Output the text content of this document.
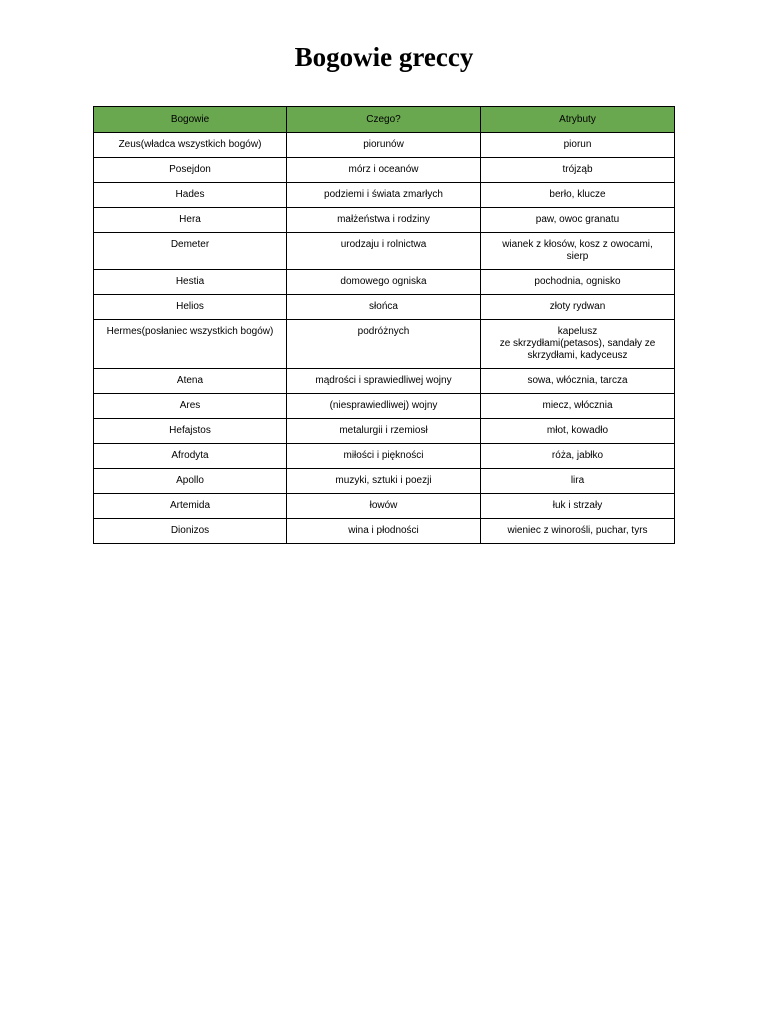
Bogowie greccy
Bogowie	Czego?	Atrybuty
Zeus(władca wszystkich bogów)	piorunów	piorun
Posejdon	mórz i oceanów	trójząb
Hades	podziemi i świata zmarłych	berło, klucze
Hera	małżeństwa i rodziny	paw, owoc granatu
Demeter	urodzaju i rolnictwa	wianek z kłosów, kosz z owocami,
sierp
Hestia	domowego ogniska	pochodnia, ognisko
Helios	słońca	złoty rydwan
Hermes(posłaniec wszystkich bogów)	podróżnych	kapelusz
ze skrzydłami(petasos), sandały ze
skrzydłami, kadyceusz
Atena	mądrości i sprawiedliwej wojny	sowa, włócznia, tarcza
Ares	(niesprawiedliwej) wojny	miecz, włócznia
Hefajstos	metalurgii i rzemiosł	młot, kowadło
Afrodyta	miłości i piękności	róża, jabłko
Apollo	muzyki, sztuki i poezji	lira
Artemida	łowów	łuk i strzały
Dionizos	wina i płodności	wieniec z winorośli, puchar, tyrs
